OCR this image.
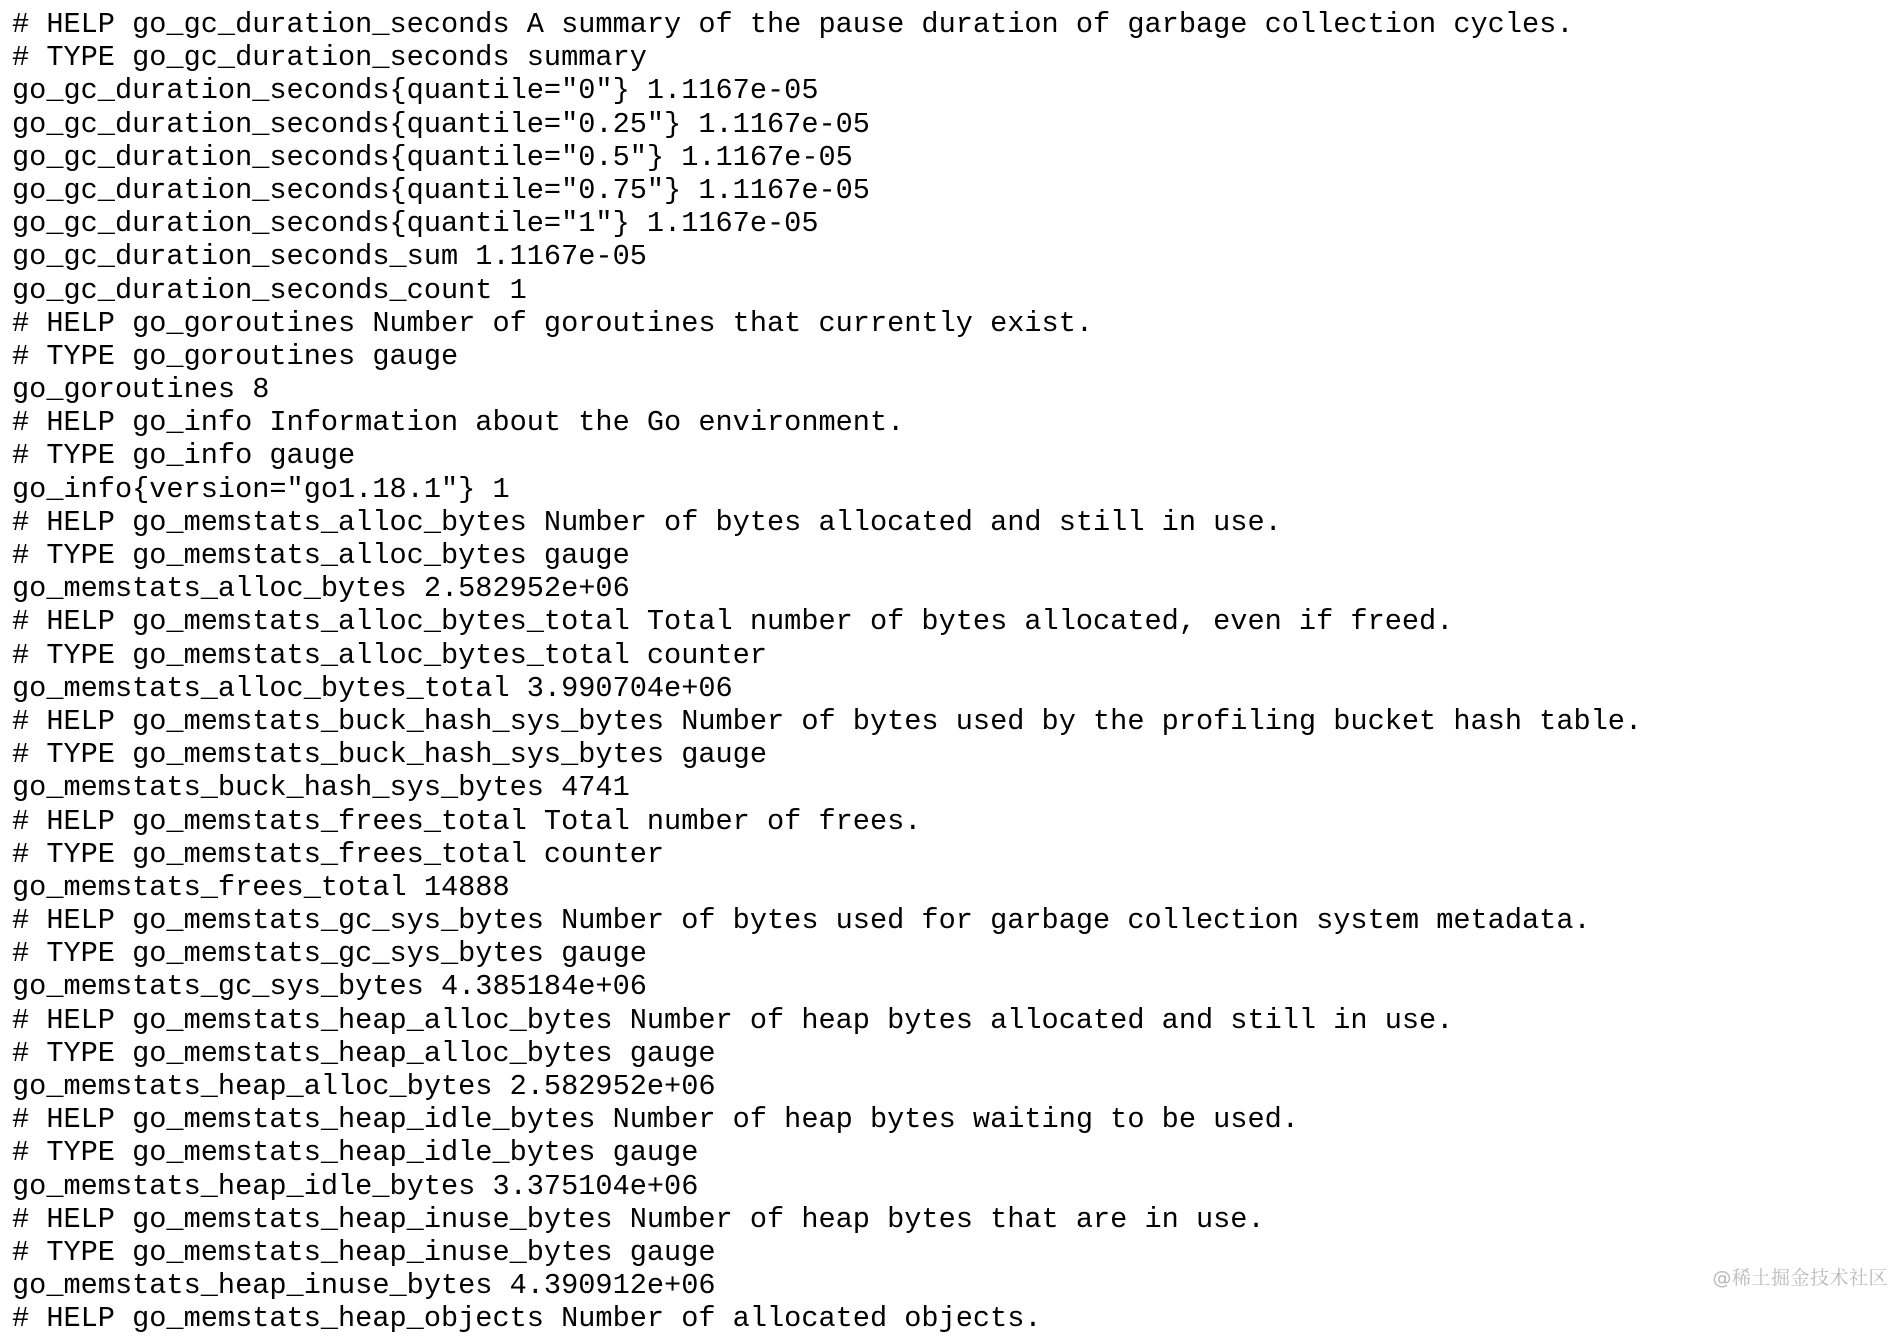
# HELP go_gc_duration_seconds A summary of the pause duration of garbage collection cycles.
# TYPE go_gc_duration_seconds summary
go_gc_duration_seconds{quantile="0"} 1.1167e-05
go_gc_duration_seconds{quantile="0.25"} 1.1167e-05
go_gc_duration_seconds{quantile="0.5"} 1.1167e-05
go_gc_duration_seconds{quantile="0.75"} 1.1167e-05
go_gc_duration_seconds{quantile="1"} 1.1167e-05
go_gc_duration_seconds_sum 1.1167e-05
go_gc_duration_seconds_count 1
# HELP go_goroutines Number of goroutines that currently exist.
# TYPE go_goroutines gauge
go_goroutines 8
# HELP go_info Information about the Go environment.
# TYPE go_info gauge
go_info{version="go1.18.1"} 1
# HELP go_memstats_alloc_bytes Number of bytes allocated and still in use.
# TYPE go_memstats_alloc_bytes gauge
go_memstats_alloc_bytes 2.582952e+06
# HELP go_memstats_alloc_bytes_total Total number of bytes allocated, even if freed.
# TYPE go_memstats_alloc_bytes_total counter
go_memstats_alloc_bytes_total 3.990704e+06
# HELP go_memstats_buck_hash_sys_bytes Number of bytes used by the profiling bucket hash table.
# TYPE go_memstats_buck_hash_sys_bytes gauge
go_memstats_buck_hash_sys_bytes 4741
# HELP go_memstats_frees_total Total number of frees.
# TYPE go_memstats_frees_total counter
go_memstats_frees_total 14888
# HELP go_memstats_gc_sys_bytes Number of bytes used for garbage collection system metadata.
# TYPE go_memstats_gc_sys_bytes gauge
go_memstats_gc_sys_bytes 4.385184e+06
# HELP go_memstats_heap_alloc_bytes Number of heap bytes allocated and still in use.
# TYPE go_memstats_heap_alloc_bytes gauge
go_memstats_heap_alloc_bytes 2.582952e+06
# HELP go_memstats_heap_idle_bytes Number of heap bytes waiting to be used.
# TYPE go_memstats_heap_idle_bytes gauge
go_memstats_heap_idle_bytes 3.375104e+06
# HELP go_memstats_heap_inuse_bytes Number of heap bytes that are in use.
# TYPE go_memstats_heap_inuse_bytes gauge
go_memstats_heap_inuse_bytes 4.390912e+06
# HELP go_memstats_heap_objects Number of allocated objects.
@稀土掘金技术社区
